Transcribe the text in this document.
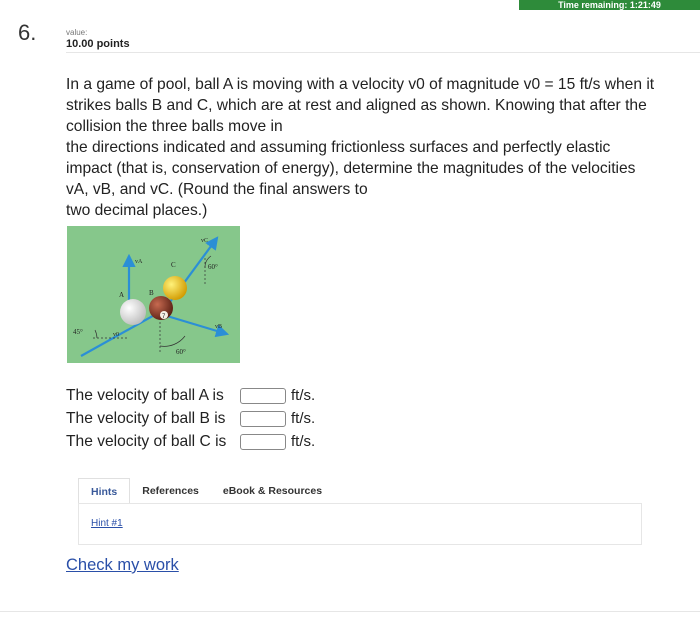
Time remaining: 1:21:49
6.	value:
10.00 points
In a game of pool, ball A is moving with a velocity v0 of magnitude v0 = 15 ft/s when it
strikes balls B and C, which are at rest and aligned as shown. Knowing that after the
collision the three balls move in
the directions indicated and assuming frictionless surfaces and perfectly elastic
impact (that is, conservation of energy), determine the magnitudes of the velocities
vA, vB, and vC. (Round the final answers to
two decimal places.)
A	B
C
7
45°
60°
60°
vC
vA
vB
v0
The velocity of ball A is	ft/s.
The velocity of ball B is	ft/s.
The velocity of ball C is	ft/s.
Hints	References	eBook & Resources
Hint #1
Check my work
